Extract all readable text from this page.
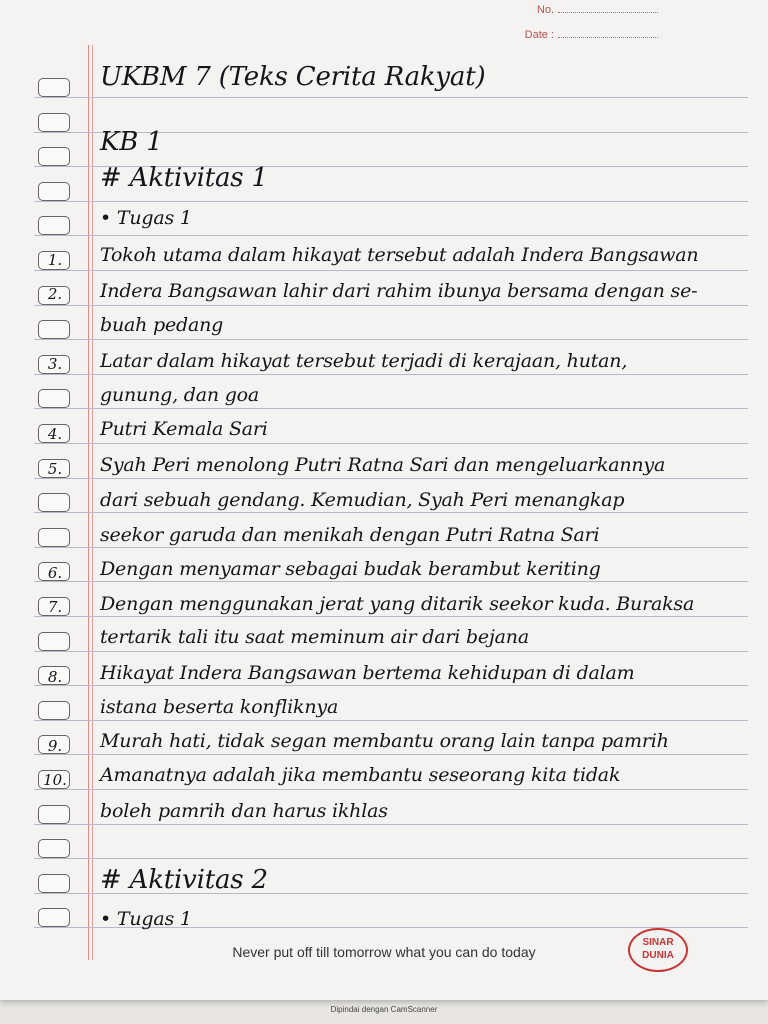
No.
Date :
UKBM 7 (Teks Cerita Rakyat)
KB 1
# Aktivitas 1
• Tugas 1
1.	Tokoh utama dalam hikayat tersebut adalah Indera Bangsawan
2.	Indera Bangsawan lahir dari rahim ibunya bersama dengan se-
buah pedang
3.	Latar dalam hikayat tersebut terjadi di kerajaan, hutan,
gunung, dan goa
4.	Putri Kemala Sari
5.	Syah Peri menolong Putri Ratna Sari dan mengeluarkannya
dari sebuah gendang. Kemudian, Syah Peri menangkap
seekor garuda dan menikah dengan Putri Ratna Sari
6.	Dengan menyamar sebagai budak berambut keriting
7.	Dengan menggunakan jerat yang ditarik seekor kuda. Buraksa
tertarik tali itu saat meminum air dari bejana
8.	Hikayat Indera Bangsawan bertema kehidupan di dalam
istana beserta konfliknya
9.	Murah hati, tidak segan membantu orang lain tanpa pamrih
10. Amanatnya adalah jika membantu seseorang kita tidak
boleh pamrih dan harus ikhlas
# Aktivitas 2
• Tugas 1
Never put off till tomorrow what you can do today
SINAR
DUNIA
Dipindai dengan CamScanner
